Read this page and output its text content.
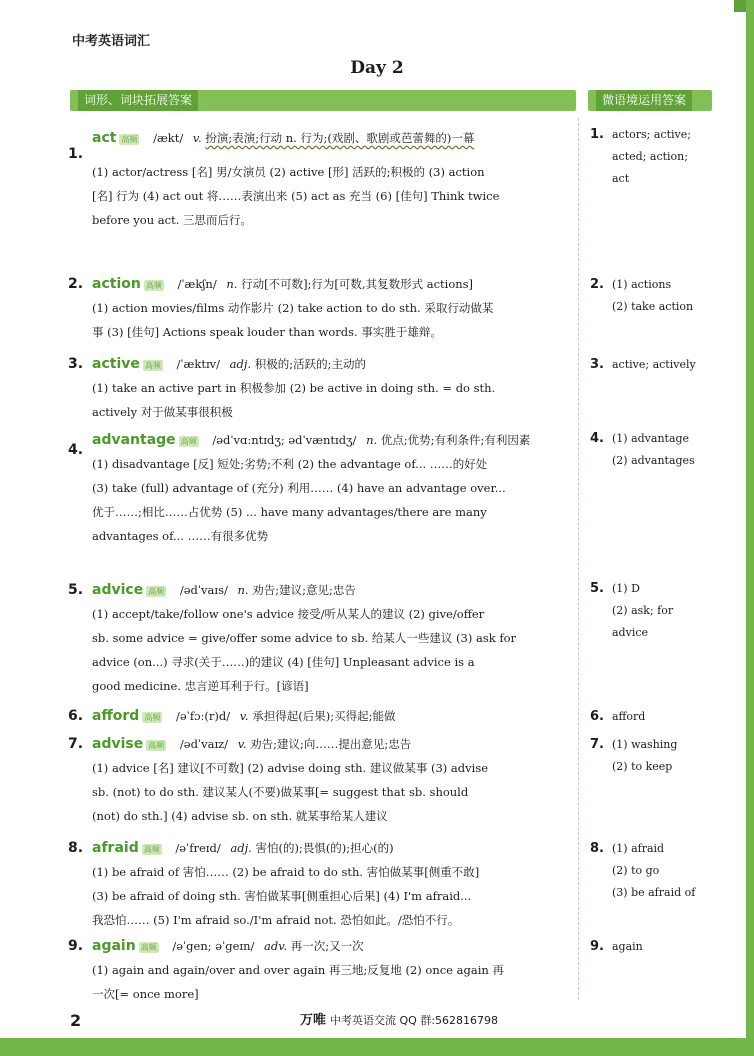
中考英语词汇
Day 2
词形、词块拓展答案	微语境运用答案
1.
act 高频 /ækt/ v. 扮演;表演;行动 n. 行为;(戏剧、歌剧或芭蕾舞的)一幕
(1) actor/actress [名] 男/女演员 (2) active [形] 活跃的;积极的 (3) action
[名] 行为 (4) act out 将……表演出来 (5) act as 充当 (6) [佳句] Think twice
before you act. 三思而后行。
2. action 高频 /ˈækʃn/ n. 行动[不可数];行为[可数,其复数形式 actions]
(1) action movies/films 动作影片 (2) take action to do sth. 采取行动做某
事 (3) [佳句] Actions speak louder than words. 事实胜于雄辩。
3. active 高频 /ˈæktɪv/ adj. 积极的;活跃的;主动的
(1) take an active part in 积极参加 (2) be active in doing sth. = do sth.
actively 对于做某事很积极
4.
advantage 高频 /ədˈvɑːntɪdʒ; ədˈvæntɪdʒ/ n. 优点;优势;有利条件;有利因素
(1) disadvantage [反] 短处;劣势;不利 (2) the advantage of... ……的好处
(3) take (full) advantage of (充分) 利用…… (4) have an advantage over...
优于……;相比……占优势 (5) ... have many advantages/there are many
advantages of... ……有很多优势
5. advice 高频 /ədˈvaɪs/ n. 劝告;建议;意见;忠告
(1) accept/take/follow one's advice 接受/听从某人的建议 (2) give/offer
sb. some advice = give/offer some advice to sb. 给某人一些建议 (3) ask for
advice (on...) 寻求(关于……)的建议 (4) [佳句] Unpleasant advice is a
good medicine. 忠言逆耳利于行。[谚语]
6. afford 高频 /əˈfɔː(r)d/ v. 承担得起(后果);买得起;能做
7. advise 高频 /ədˈvaɪz/ v. 劝告;建议;向……提出意见;忠告
(1) advice [名] 建议[不可数] (2) advise doing sth. 建议做某事 (3) advise
sb. (not) to do sth. 建议某人(不要)做某事[= suggest that sb. should
(not) do sth.] (4) advise sb. on sth. 就某事给某人建议
8. afraid 高频 /əˈfreɪd/ adj. 害怕(的);畏惧(的);担心(的)
(1) be afraid of 害怕…… (2) be afraid to do sth. 害怕做某事[侧重不敢]
(3) be afraid of doing sth. 害怕做某事[侧重担心后果] (4) I'm afraid...
我恐怕…… (5) I'm afraid so./I'm afraid not. 恐怕如此。/恐怕不行。
9. again 高频 /əˈgen; əˈgeɪn/ adv. 再一次;又一次
(1) again and again/over and over again 再三地;反复地 (2) once again 再
一次[= once more]
1. actors; active;
acted; action;
act
2. (1) actions
(2) take action
3. active; actively
4. (1) advantage
(2) advantages
5. (1) D
(2) ask; for
advice
6. afford
7. (1) washing
(2) to keep
8. (1) afraid
(2) to go
(3) be afraid of
9. again
2	万唯 中考英语交流 QQ 群:562816798
